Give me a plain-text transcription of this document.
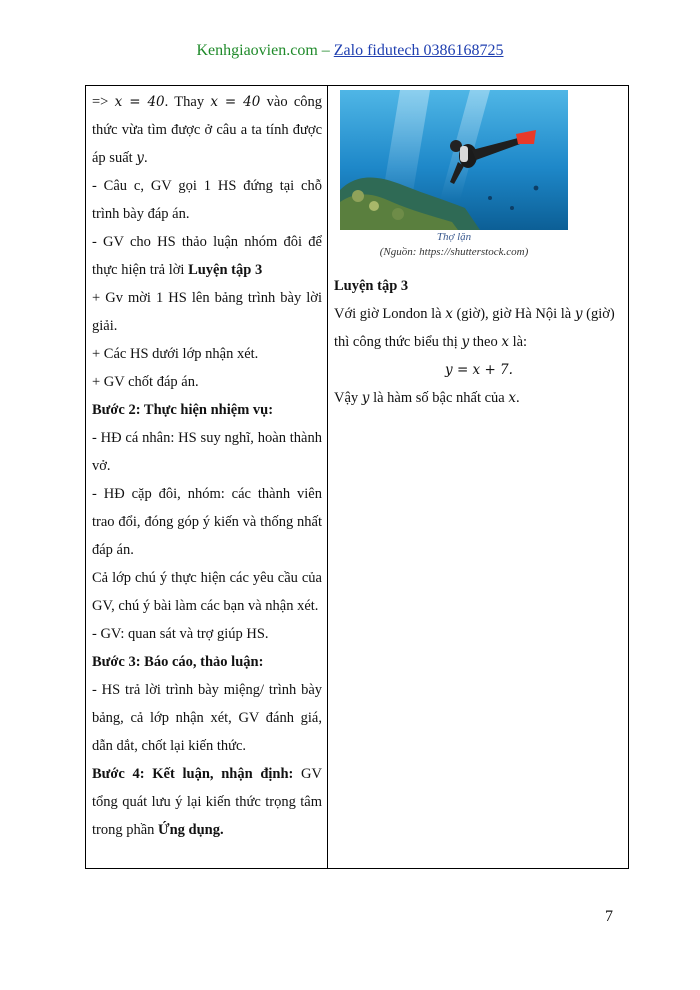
Kenhgiaovien.com – Zalo fidutech 0386168725

=> x = 40. Thay x = 40 vào công thức vừa tìm được ở câu a ta tính được áp suất y.

- Câu c, GV gọi 1 HS đứng tại chỗ trình bày đáp án.

- GV cho HS thảo luận nhóm đôi để thực hiện trả lời Luyện tập 3

+ Gv mời 1 HS lên bảng trình bày lời giải.

+ Các HS dưới lớp nhận xét.

+ GV chốt đáp án.

Bước 2: Thực hiện nhiệm vụ:

- HĐ cá nhân: HS suy nghĩ, hoàn thành vở.

- HĐ cặp đôi, nhóm: các thành viên trao đổi, đóng góp ý kiến và thống nhất đáp án.

Cả lớp chú ý thực hiện các yêu cầu của GV, chú ý bài làm các bạn và nhận xét.

- GV: quan sát và trợ giúp HS.

Bước 3: Báo cáo, thảo luận:

- HS trả lời trình bày miệng/ trình bày bảng, cả lớp nhận xét, GV đánh giá, dẫn dắt, chốt lại kiến thức.

Bước 4: Kết luận, nhận định: GV tổng quát lưu ý lại kiến thức trọng tâm trong phần Ứng dụng.

Thợ lặn
(Nguồn: https://shutterstock.com)

Luyện tập 3

Với giờ London là x (giờ), giờ Hà Nội là y (giờ) thì công thức biểu thị y theo x là:

y = x + 7.

Vậy y là hàm số bậc nhất của x.

7
